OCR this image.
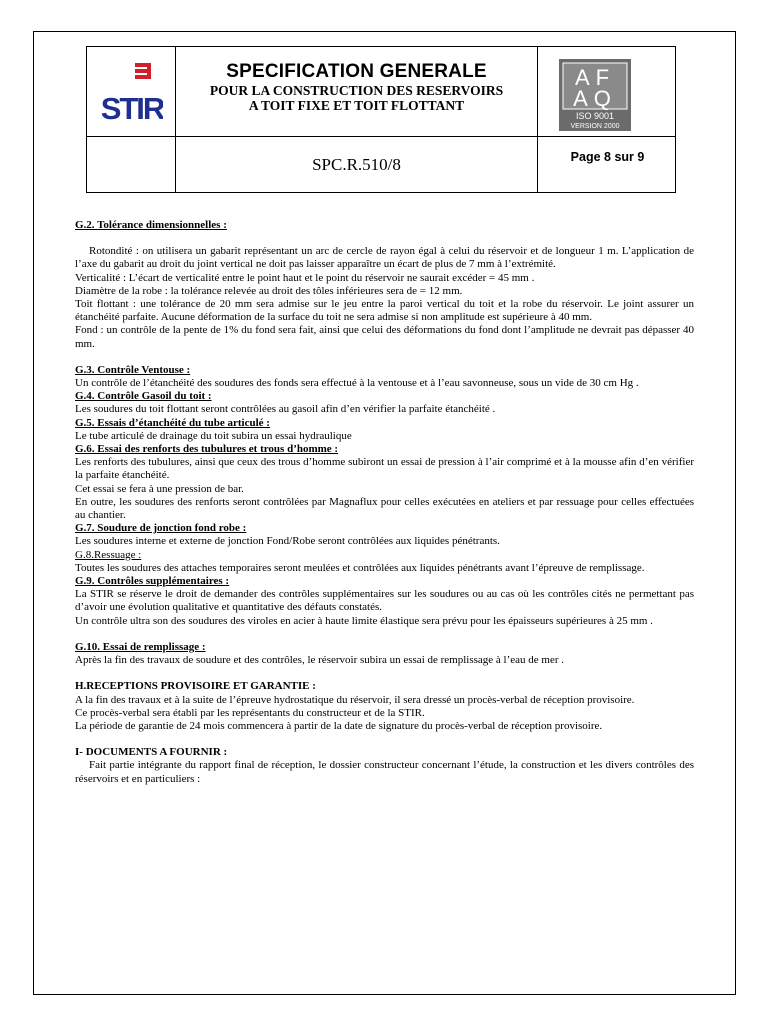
STIR
SPECIFICATION GENERALE
POUR LA CONSTRUCTION DES RESERVOIRS
A TOIT FIXE ET TOIT FLOTTANT
SPC.R.510/8
AF
AQ
ISO 9001
VERSION 2000
Page 8 sur 9

G.2. Tolérance dimensionnelles :

Rotondité : on utilisera un gabarit représentant un arc de cercle de rayon égal à celui du réservoir et de longueur 1 m. L’application de l’axe du gabarit au droit du joint vertical ne doit pas laisser apparaître un écart de plus de 7 mm à l’extrémité.

Verticalité : L’écart de verticalité entre le point haut et le point du réservoir ne saurait excéder = 45 mm .

Diamètre de la robe : la tolérance relevée au droit des tôles inférieures sera de = 12 mm.

Toit flottant : une tolérance de 20 mm sera admise sur le jeu entre la paroi vertical du toit et la robe du réservoir. Le joint assurer un étanchéité parfaite. Aucune déformation de la surface du toit ne sera admise si non amplitude est supérieure à 40 mm.

Fond : un contrôle de la pente de 1% du fond sera fait, ainsi que celui des déformations du fond dont l’amplitude ne devrait pas dépasser 40 mm.

G.3. Contrôle Ventouse :

Un contrôle de l’étanchéité des soudures des fonds sera effectué à la ventouse et à l’eau savonneuse, sous un vide de 30 cm Hg .

G.4. Contrôle Gasoil du toit :

Les soudures du toit flottant seront contrôlées au gasoil afin d’en vérifier la parfaite étanchéité .

G.5. Essais d’étanchéité du tube articulé :

Le tube articulé de drainage du toit subira un essai hydraulique

G.6. Essai des renforts des tubulures et trous d’homme :

Les renforts des tubulures, ainsi que ceux des trous d’homme subiront un essai de pression à l’air comprimé et à la mousse afin d’en vérifier la parfaite étanchéité.

Cet essai se fera à une pression de bar.

En outre, les soudures des renforts seront contrôlées par Magnaflux pour celles exécutées en ateliers et par ressuage pour celles effectuées au chantier.

G.7. Soudure de jonction fond robe :

Les soudures interne et externe de jonction Fond/Robe seront contrôlées aux liquides pénétrants.

G.8.Ressuage :

Toutes les soudures des attaches temporaires seront meulées et contrôlées aux liquides pénétrants avant l’épreuve de remplissage.

G.9. Contrôles supplémentaires :

La STIR se réserve le droit de demander des contrôles supplémentaires sur les soudures ou au cas où les contrôles cités ne permettant pas d’avoir une évolution qualitative et quantitative des défauts constatés.

Un contrôle ultra son des soudures des viroles en acier à haute limite élastique sera prévu pour les épaisseurs supérieures à 25 mm .

G.10. Essai de remplissage :

Après la fin des travaux de soudure et des contrôles, le réservoir subira un essai de remplissage à l’eau de mer .

H.RECEPTIONS PROVISOIRE ET GARANTIE :

A la fin des travaux et à la suite de l’épreuve hydrostatique du réservoir, il sera dressé un procès-verbal de réception provisoire.

Ce procès-verbal sera établi par les représentants du constructeur et de la STIR.

La période de garantie de 24 mois commencera à partir de la date de signature du procès-verbal de réception provisoire.

I- DOCUMENTS A FOURNIR :

Fait partie intégrante du rapport final de réception, le dossier constructeur concernant l’étude, la construction et les divers contrôles des réservoirs et en particuliers :
